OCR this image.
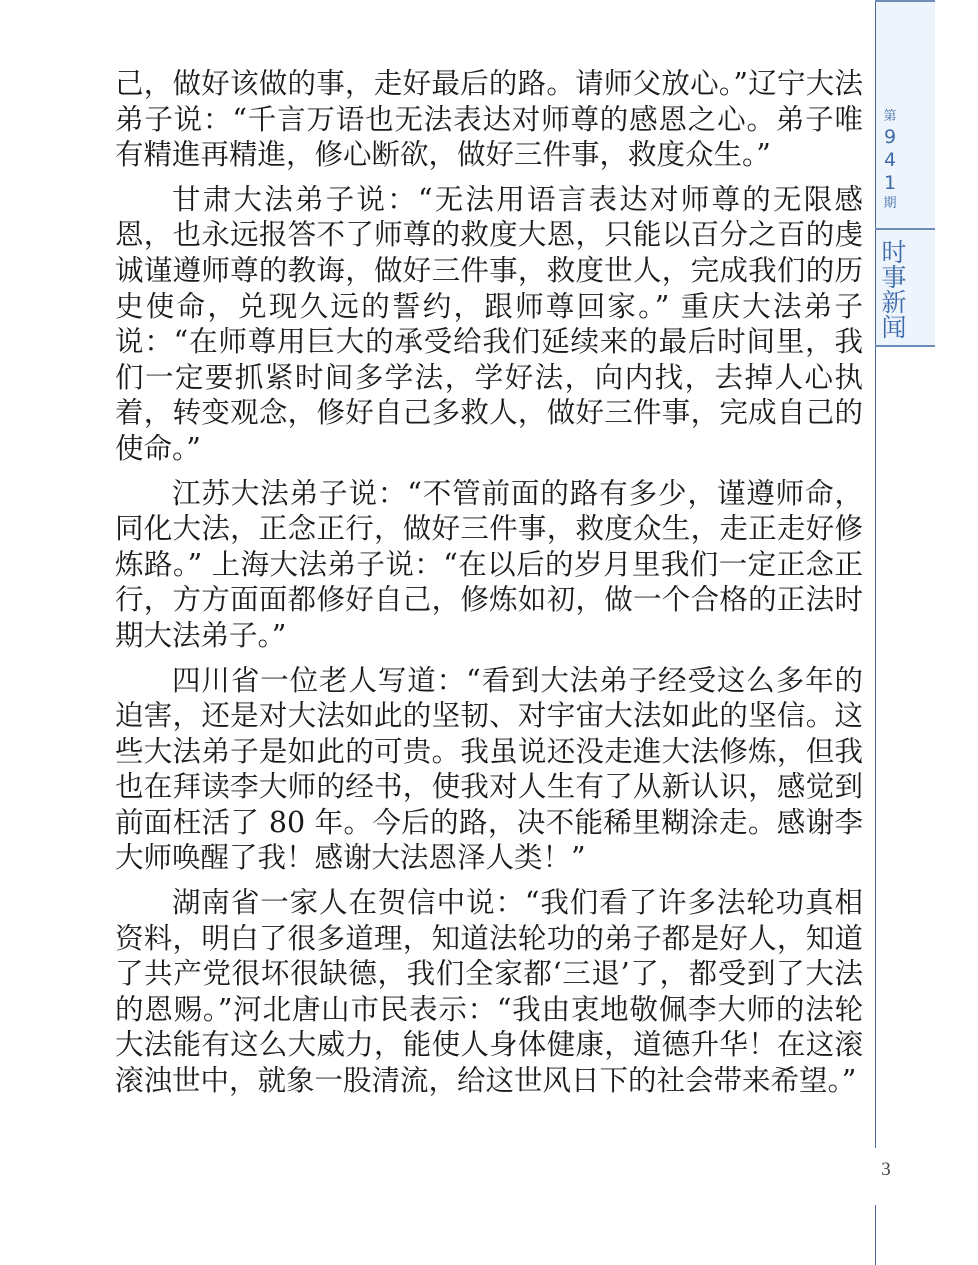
己，做好该做的事，走好最后的路。请师父放心。”辽宁大法弟子说：“千言万语也无法表达对师尊的感恩之心。弟子唯有精進再精進，修心断欲，做好三件事，救度众生。”

甘肃大法弟子说：“无法用语言表达对师尊的无限感恩，也永远报答不了师尊的救度大恩，只能以百分之百的虔诚谨遵师尊的教诲，做好三件事，救度世人，完成我们的历史使命，兑现久远的誓约，跟师尊回家。” 重庆大法弟子说：“在师尊用巨大的承受给我们延续来的最后时间里，我们一定要抓紧时间多学法，学好法，向内找，去掉人心执着，转变观念，修好自己多救人，做好三件事，完成自己的使命。”

江苏大法弟子说：“不管前面的路有多少，谨遵师命，同化大法，正念正行，做好三件事，救度众生，走正走好修炼路。” 上海大法弟子说：“在以后的岁月里我们一定正念正行，方方面面都修好自己，修炼如初，做一个合格的正法时期大法弟子。”

四川省一位老人写道：“看到大法弟子经受这么多年的迫害，还是对大法如此的坚韧、对宇宙大法如此的坚信。这些大法弟子是如此的可贵。我虽说还没走進大法修炼，但我也在拜读李大师的经书，使我对人生有了从新认识，感觉到前面枉活了 80 年。今后的路，决不能稀里糊涂走。感谢李大师唤醒了我！感谢大法恩泽人类！”

湖南省一家人在贺信中说：“我们看了许多法轮功真相资料，明白了很多道理，知道法轮功的弟子都是好人，知道了共产党很坏很缺德，我们全家都‘三退’了，都受到了大法的恩赐。”河北唐山市民表示：“我由衷地敬佩李大师的法轮大法能有这么大威力，能使人身体健康，道德升华！在这滚滚浊世中，就象一股清流，给这世风日下的社会带来希望。”

第
9
4
1
期
时
事
新
闻
3
